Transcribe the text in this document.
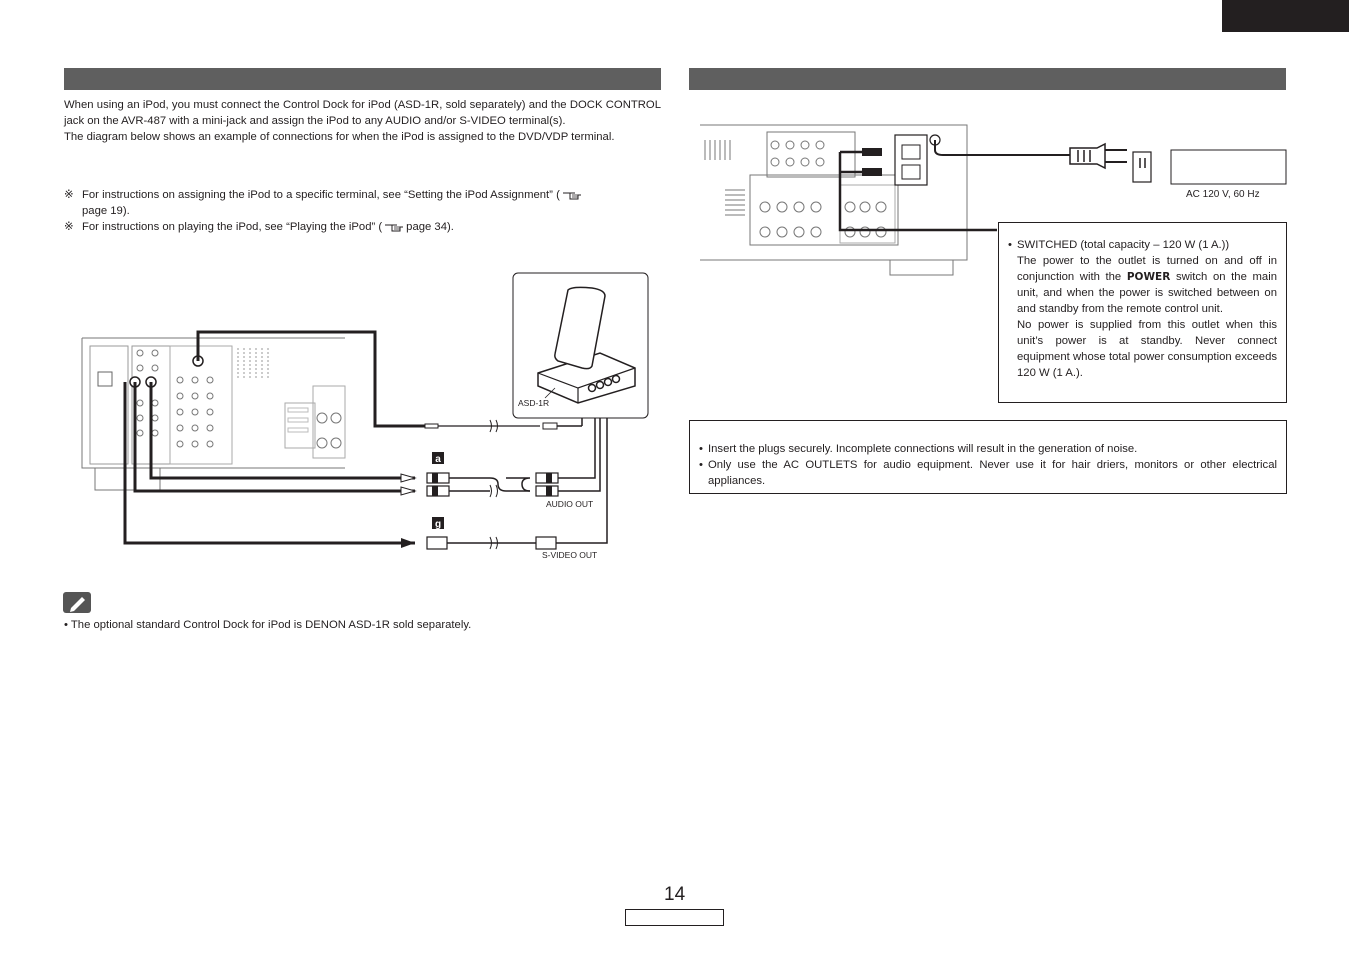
When using an iPod, you must connect the Control Dock for iPod (ASD-1R, sold separately) and the DOCK CONTROL jack on the AVR-487 with a mini-jack and assign the iPod to any AUDIO and/or S-VIDEO terminal(s).
The diagram below shows an example of connections for when the iPod is assigned to the DVD/VDP terminal.
※ For instructions on assigning the iPod to a specific terminal, see “Setting the iPod Assignment” (
page 19).
※ For instructions on playing the iPod, see “Playing the iPod” ( page 34).
a
g
ASD-1R
AUDIO OUT
S-VIDEO OUT
• The optional standard Control Dock for iPod is DENON ASD-1R sold separately.
AC 120 V, 60 Hz
• SWITCHED (total capacity – 120 W (1 A.))
The power to the outlet is turned on and off in conjunction with the POWER switch on the main unit, and when the power is switched between on and standby from the remote control unit.
No power is supplied from this outlet when this unit’s power is at standby. Never connect equipment whose total power consumption exceeds 120 W (1 A.).
• Insert the plugs securely. Incomplete connections will result in the generation of noise.
• Only use the AC OUTLETS for audio equipment. Never use it for hair driers, monitors or other electrical appliances.
14
